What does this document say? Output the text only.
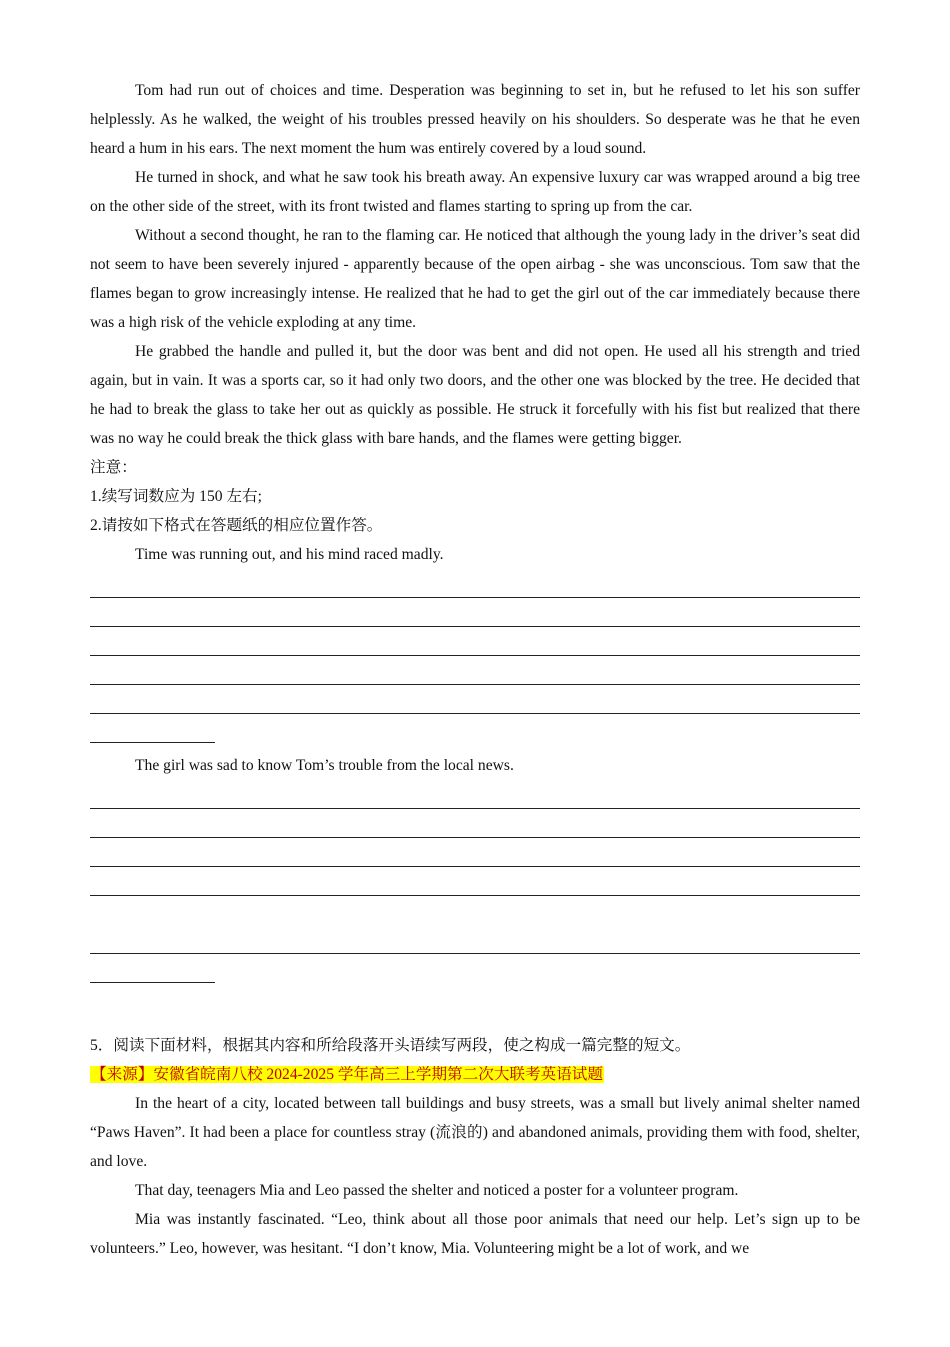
Tom had run out of choices and time. Desperation was beginning to set in, but he refused to let his son suffer helplessly. As he walked, the weight of his troubles pressed heavily on his shoulders. So desperate was he that he even heard a hum in his ears. The next moment the hum was entirely covered by a loud sound.

He turned in shock, and what he saw took his breath away. An expensive luxury car was wrapped around a big tree on the other side of the street, with its front twisted and flames starting to spring up from the car.

Without a second thought, he ran to the flaming car. He noticed that although the young lady in the driver’s seat did not seem to have been severely injured - apparently because of the open airbag - she was unconscious. Tom saw that the flames began to grow increasingly intense. He realized that he had to get the girl out of the car immediately because there was a high risk of the vehicle exploding at any time.

He grabbed the handle and pulled it, but the door was bent and did not open. He used all his strength and tried again, but in vain. It was a sports car, so it had only two doors, and the other one was blocked by the tree. He decided that he had to break the glass to take her out as quickly as possible. He struck it forcefully with his fist but realized that there was no way he could break the thick glass with bare hands, and the flames were getting bigger.

注意：

1.续写词数应为 150 左右;

2.请按如下格式在答题纸的相应位置作答。

Time was running out, and his mind raced madly.

The girl was sad to know Tom’s trouble from the local news.

5．阅读下面材料，根据其内容和所给段落开头语续写两段，使之构成一篇完整的短文。

【来源】安徽省皖南八校 2024-2025 学年高三上学期第二次大联考英语试题

In the heart of a city, located between tall buildings and busy streets, was a small but lively animal shelter named “Paws Haven”. It had been a place for countless stray (流浪的) and abandoned animals, providing them with food, shelter, and love.

That day, teenagers Mia and Leo passed the shelter and noticed a poster for a volunteer program.

Mia was instantly fascinated. “Leo, think about all those poor animals that need our help. Let’s sign up to be volunteers.” Leo, however, was hesitant. “I don’t know, Mia. Volunteering might be a lot of work, and we
